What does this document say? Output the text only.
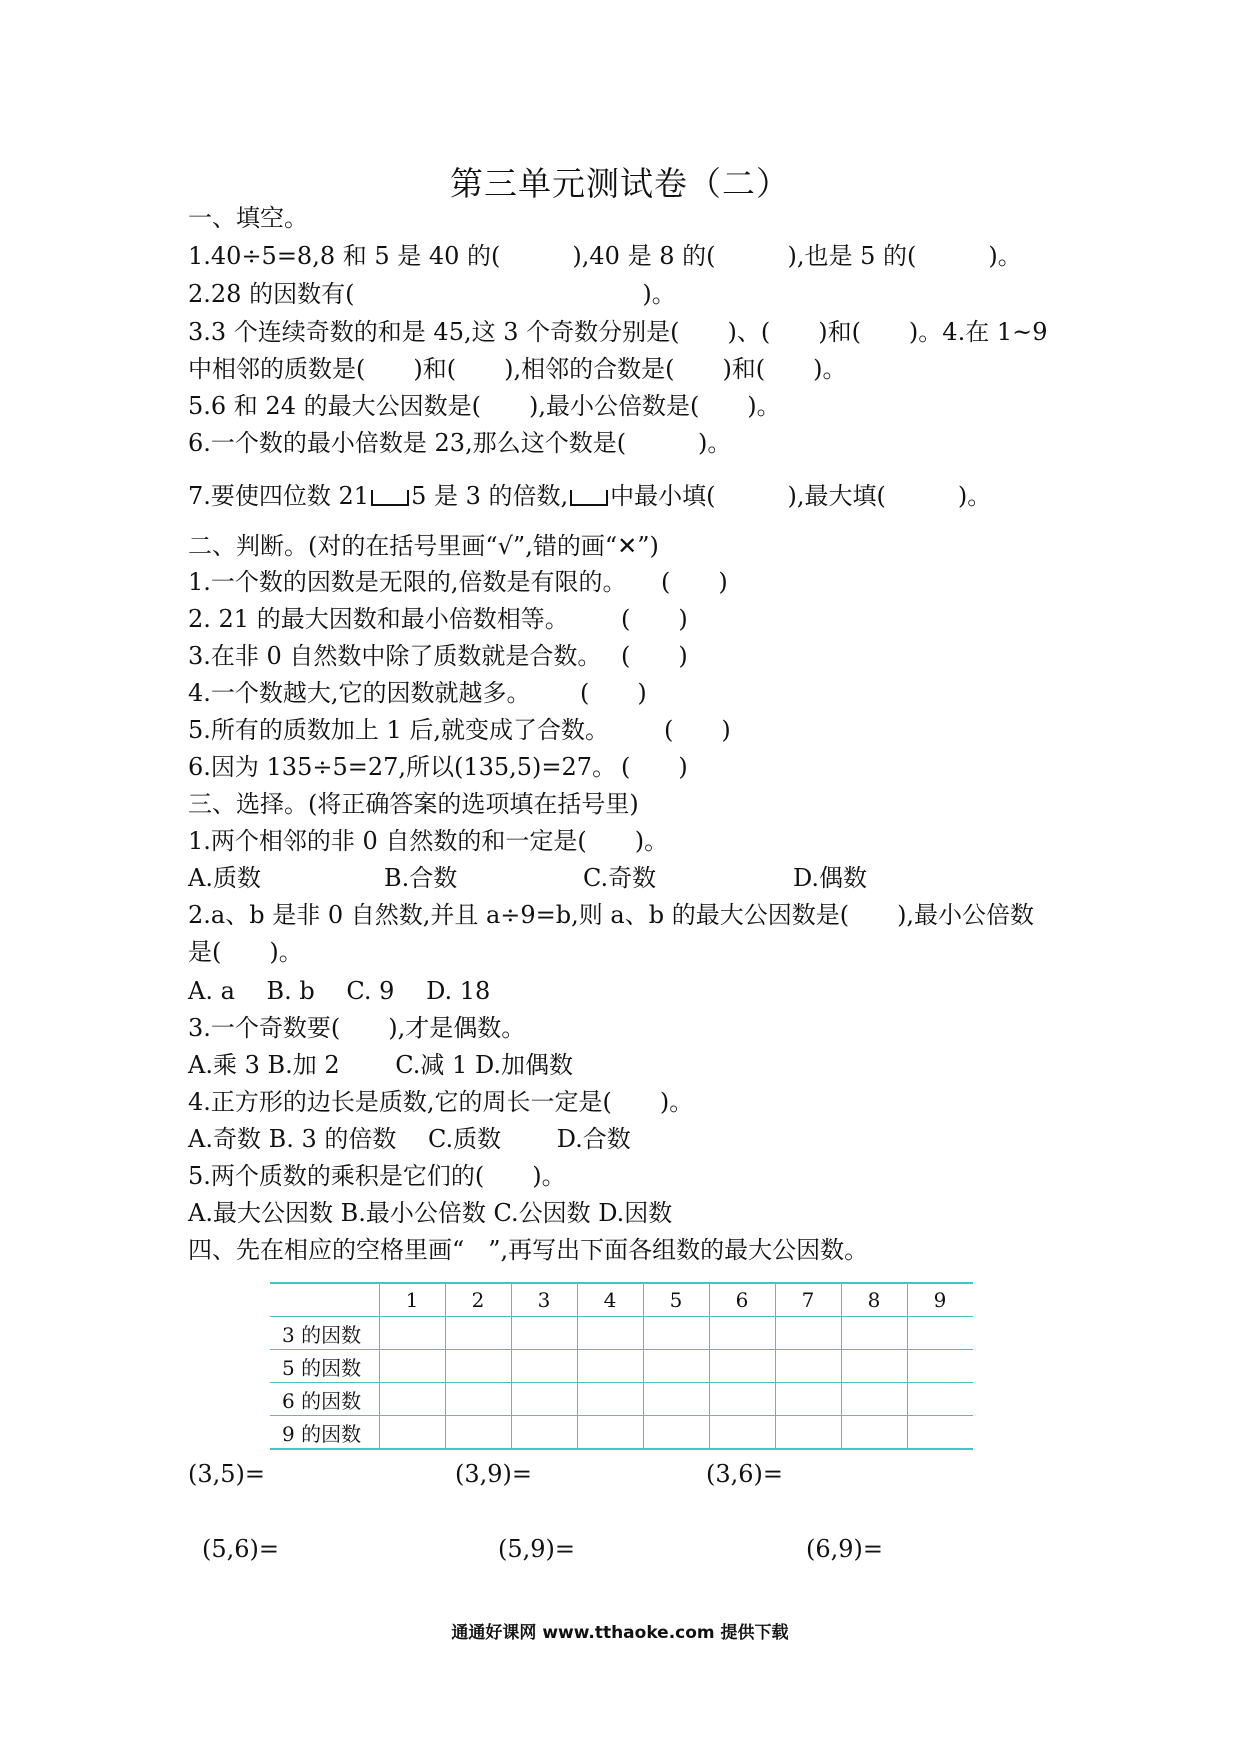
第三单元测试卷（二）
一、填空。
1.40÷5=8,8 和 5 是 40 的(　　　),40 是 8 的(　　　),也是 5 的(　　　)。
2.28 的因数有(　　　　　　　　　　　　)。
3.3 个连续奇数的和是 45,这 3 个奇数分别是(　　)、(　　)和(　　)。4.在 1~9
中相邻的质数是(　　)和(　　),相邻的合数是(　　)和(　　)。
5.6 和 24 的最大公因数是(　　),最小公倍数是(　　)。
6.一个数的最小倍数是 23,那么这个数是(　　　)。
7.要使四位数 21 5 是 3 的倍数, 中最小填(　　　),最大填(　　　)。
二、判断。(对的在括号里画“√”,错的画“✕”)
1.一个数的因数是无限的,倍数是有限的。 (　　)
2. 21 的最大因数和最小倍数相等。 (　　)
3.在非 0 自然数中除了质数就是合数。 (　　)
4.一个数越大,它的因数就越多。 (　　)
5.所有的质数加上 1 后,就变成了合数。 (　　)
6.因为 135÷5=27,所以(135,5)=27。 (　　)
三、选择。(将正确答案的选项填在括号里)
1.两个相邻的非 0 自然数的和一定是(　　)。
A.质数	B.合数	C.奇数	D.偶数
2.a、b 是非 0 自然数,并且 a÷9=b,则 a、b 的最大公因数是(　　),最小公倍数
是(　　)。
A. a　 B. b　 C. 9　 D. 18
3.一个奇数要(　　),才是偶数。
A.乘 3 B.加 2　　 C.减 1 D.加偶数
4.正方形的边长是质数,它的周长一定是(　　)。
A.奇数 B. 3 的倍数　 C.质数　　 D.合数
5.两个质数的乘积是它们的(　　)。
A.最大公因数 B.最小公倍数 C.公因数 D.因数
四、先在相应的空格里画“　”,再写出下面各组数的最大公因数。
	1	2	3	4	5	6	7	8	9
3 的因数									
5 的因数									
6 的因数									
9 的因数									
(3,5)=	(3,9)=	(3,6)=
(5,6)=	(5,9)=	(6,9)=
通通好课网 www.tthaoke.com 提供下载
